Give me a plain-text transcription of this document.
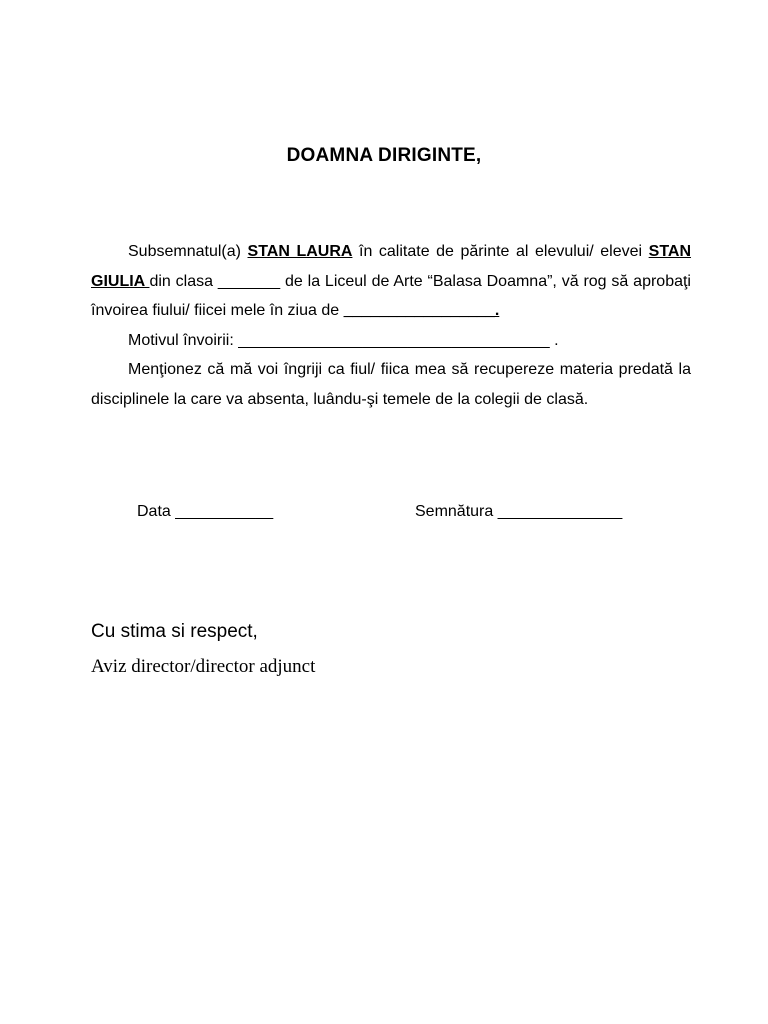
DOAMNA DIRIGINTE,

Subsemnatul(a) STAN LAURA în calitate de părinte al elevului/ elevei STAN GIULIA din clasa _______ de la Liceul de Arte “Balasa Doamna”, vă rog să aprobaţi învoirea fiului/ fiicei mele în ziua de _________________.

Motivul învoirii: ___________________________________ .

Menţionez că mă voi îngriji ca fiul/ fiica mea să recupereze materia predată la disciplinele la care va absenta, luându-şi temele de la colegii de clasă.

Data ___________	Semnătura ______________
Cu stima si respect,
Aviz director/director adjunct
